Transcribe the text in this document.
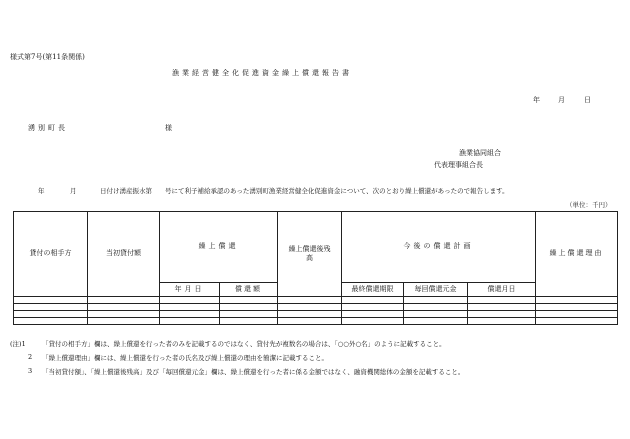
様式第7号(第11条関係)
漁業経営健全化促進資金繰上償還報告書
年	月	日
湧別町長	様
漁業協同組合
代表理事組合長
年	月	日付け湧産振水第　　号にて利子補給承認のあった湧別町漁業経営健全化促進資金について、次のとおり繰上償還があったので報告します。
（単位：千円）
貸付の相手方	当初貸付額	繰上償還		繰上償還後残高	今後の償還計画			繰上償還理由
		年月日	償還額		最終償還期限	毎回償還元金	償還月日	

(注)1	「貸付の相手方」欄は、繰上償還を行った者のみを記載するのではなく、貸付先が複数名の場合は、「○○外○名」のように記載すること。
2 「繰上償還理由」欄には、繰上償還を行った者の氏名及び繰上償還の理由を簡潔に記載すること。
3 「当初貸付額」、「繰上償還後残高」及び「毎回償還元金」欄は、繰上償還を行った者に係る金額ではなく、融資機関総体の金額を記載すること。
